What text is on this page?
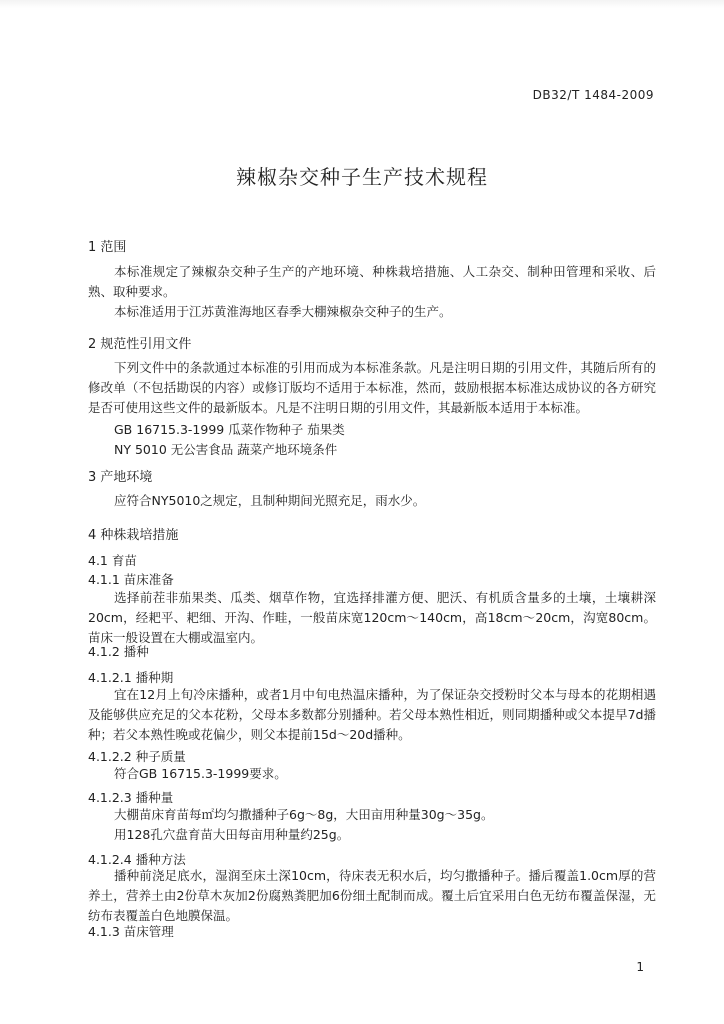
DB32/T 1484-2009
辣椒杂交种子生产技术规程
1 范围
本标准规定了辣椒杂交种子生产的产地环境、种株栽培措施、人工杂交、制种田管理和采收、后熟、取种要求。
本标准适用于江苏黄淮海地区春季大棚辣椒杂交种子的生产。
2 规范性引用文件
下列文件中的条款通过本标准的引用而成为本标准条款。凡是注明日期的引用文件，其随后所有的修改单（不包括勘误的内容）或修订版均不适用于本标准，然而，鼓励根据本标准达成协议的各方研究是否可使用这些文件的最新版本。凡是不注明日期的引用文件，其最新版本适用于本标准。
GB 16715.3-1999 瓜菜作物种子 茄果类
NY 5010 无公害食品 蔬菜产地环境条件
3 产地环境
应符合NY5010之规定，且制种期间光照充足，雨水少。
4 种株栽培措施
4.1 育苗
4.1.1 苗床准备
选择前茬非茄果类、瓜类、烟草作物，宜选择排灌方便、肥沃、有机质含量多的土壤，土壤耕深20cm，经耙平、耙细、开沟、作畦，一般苗床宽120cm～140cm，高18cm～20cm，沟宽80cm。苗床一般设置在大棚或温室内。
4.1.2 播种
4.1.2.1 播种期
宜在12月上旬冷床播种，或者1月中旬电热温床播种，为了保证杂交授粉时父本与母本的花期相遇及能够供应充足的父本花粉，父母本多数都分别播种。若父母本熟性相近，则同期播种或父本提早7d播种；若父本熟性晚或花偏少，则父本提前15d～20d播种。
4.1.2.2 种子质量
符合GB 16715.3-1999要求。
4.1.2.3 播种量
大棚苗床育苗每㎡均匀撒播种子6g～8g，大田亩用种量30g～35g。
用128孔穴盘育苗大田每亩用种量约25g。
4.1.2.4 播种方法
播种前浇足底水，湿润至床土深10cm，待床表无积水后，均匀撒播种子。播后覆盖1.0cm厚的营养土，营养土由2份草木灰加2份腐熟粪肥加6份细土配制而成。覆土后宜采用白色无纺布覆盖保湿，无纺布表覆盖白色地膜保温。
4.1.3 苗床管理
1
